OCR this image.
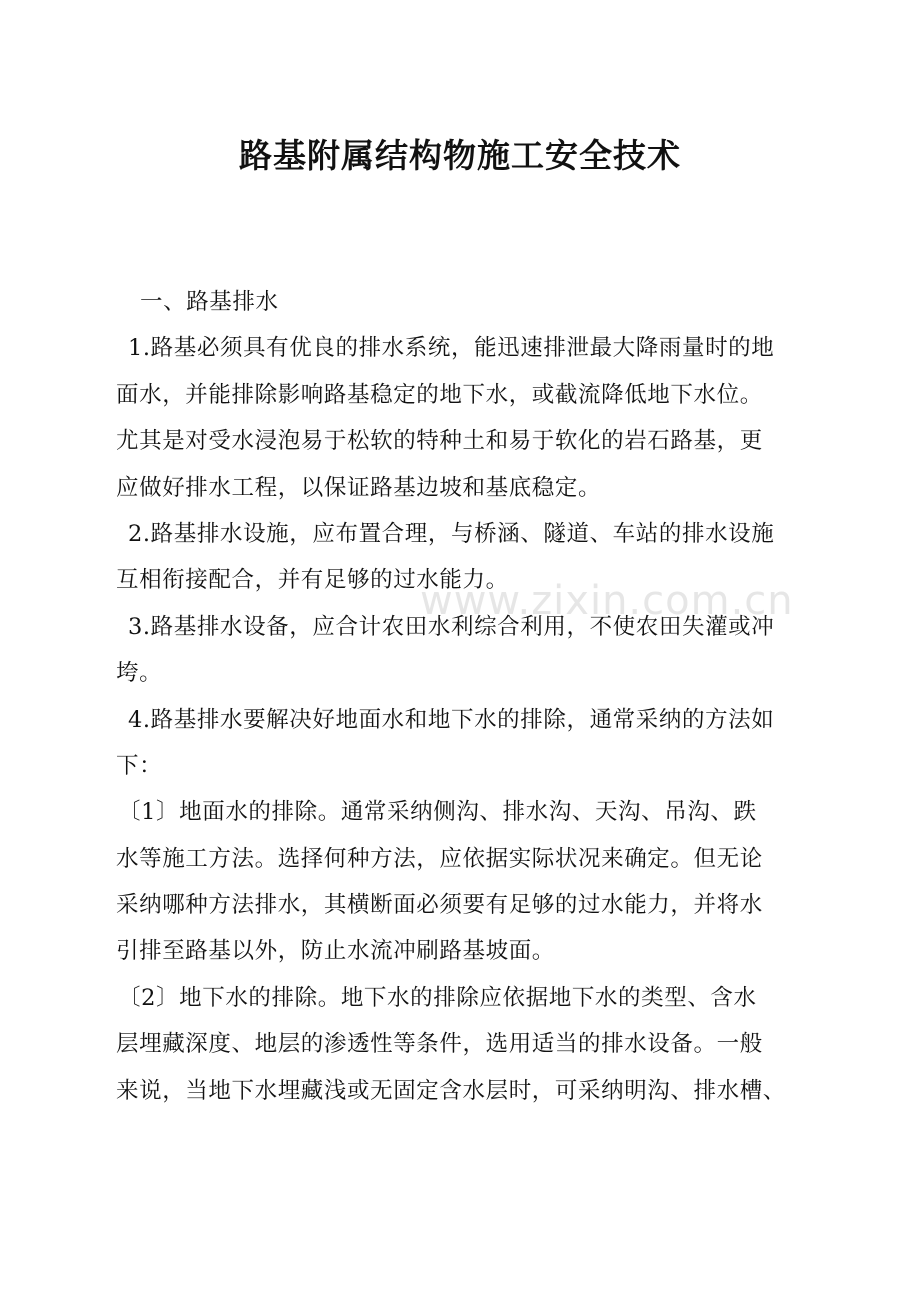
www.zixin.com.cn
路基附属结构物施工安全技术
一、路基排水
1.路基必须具有优良的排水系统，能迅速排泄最大降雨量时的地
面水，并能排除影响路基稳定的地下水，或截流降低地下水位。
尤其是对受水浸泡易于松软的特种土和易于软化的岩石路基，更
应做好排水工程，以保证路基边坡和基底稳定。
2.路基排水设施，应布置合理，与桥涵、隧道、车站的排水设施
互相衔接配合，并有足够的过水能力。
3.路基排水设备，应合计农田水利综合利用，不使农田失灌或冲
垮。
4.路基排水要解决好地面水和地下水的排除，通常采纳的方法如
下：
〔1〕地面水的排除。通常采纳侧沟、排水沟、天沟、吊沟、跌
水等施工方法。选择何种方法，应依据实际状况来确定。但无论
采纳哪种方法排水，其横断面必须要有足够的过水能力，并将水
引排至路基以外，防止水流冲刷路基坡面。
〔2〕地下水的排除。地下水的排除应依据地下水的类型、含水
层埋藏深度、地层的渗透性等条件，选用适当的排水设备。一般
来说，当地下水埋藏浅或无固定含水层时，可采纳明沟、排水槽、
